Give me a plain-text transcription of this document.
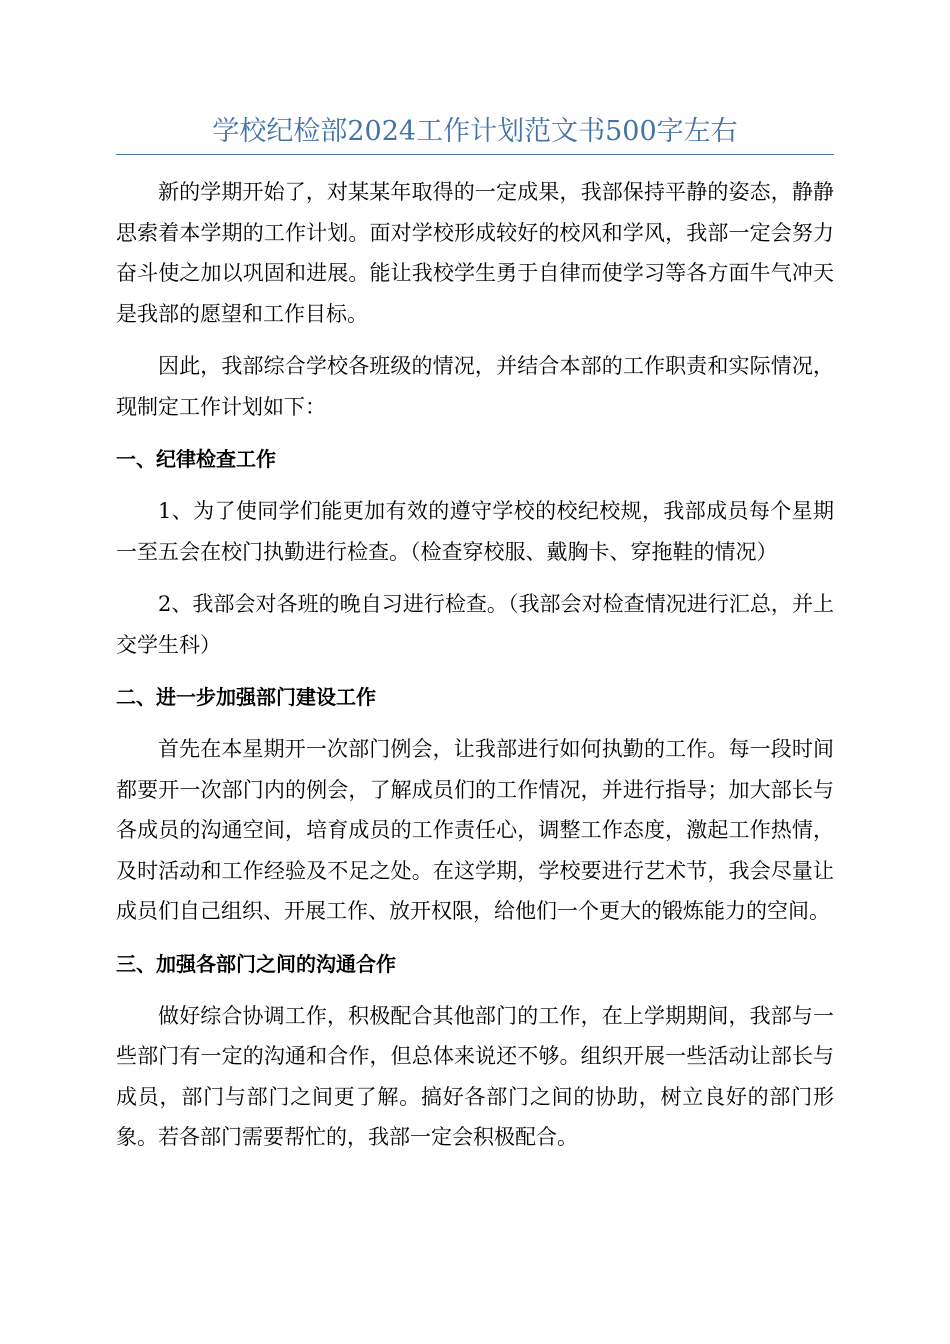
学校纪检部2024工作计划范文书500字左右

新的学期开始了，对某某年取得的一定成果，我部保持平静的姿态，静静思索着本学期的工作计划。面对学校形成较好的校风和学风，我部一定会努力奋斗使之加以巩固和进展。能让我校学生勇于自律而使学习等各方面牛气冲天是我部的愿望和工作目标。

因此，我部综合学校各班级的情况，并结合本部的工作职责和实际情况，现制定工作计划如下：

一、纪律检查工作

1、为了使同学们能更加有效的遵守学校的校纪校规，我部成员每个星期一至五会在校门执勤进行检查。（检查穿校服、戴胸卡、穿拖鞋的情况）

2、我部会对各班的晚自习进行检查。（我部会对检查情况进行汇总，并上交学生科）

二、进一步加强部门建设工作

首先在本星期开一次部门例会，让我部进行如何执勤的工作。每一段时间都要开一次部门内的例会，了解成员们的工作情况，并进行指导；加大部长与各成员的沟通空间，培育成员的工作责任心，调整工作态度，激起工作热情，及时活动和工作经验及不足之处。在这学期，学校要进行艺术节，我会尽量让成员们自己组织、开展工作、放开权限，给他们一个更大的锻炼能力的空间。

三、加强各部门之间的沟通合作

做好综合协调工作，积极配合其他部门的工作，在上学期期间，我部与一些部门有一定的沟通和合作，但总体来说还不够。组织开展一些活动让部长与成员，部门与部门之间更了解。搞好各部门之间的协助，树立良好的部门形象。若各部门需要帮忙的，我部一定会积极配合。
